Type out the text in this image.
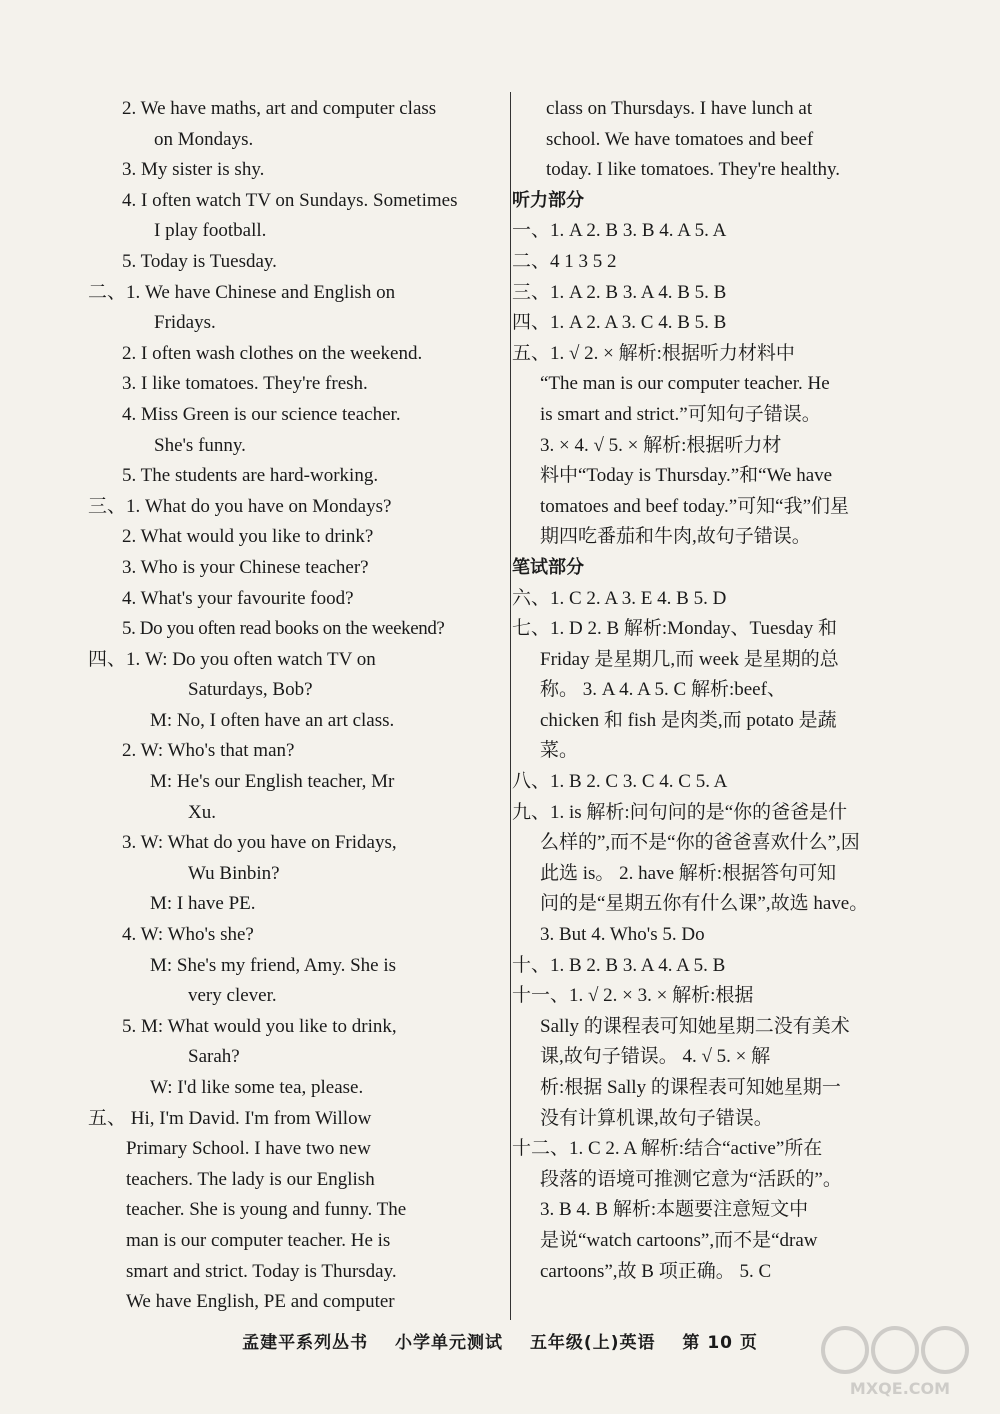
2. We have maths, art and computer class
on Mondays.
3. My sister is shy.
4. I often watch TV on Sundays. Sometimes
I play football.
5. Today is Tuesday.
二、1. We have Chinese and English on
Fridays.
2. I often wash clothes on the weekend.
3. I like tomatoes. They're fresh.
4. Miss Green is our science teacher.
She's funny.
5. The students are hard-working.
三、1. What do you have on Mondays?
2. What would you like to drink?
3. Who is your Chinese teacher?
4. What's your favourite food?
5. Do you often read books on the weekend?
四、1. W: Do you often watch TV on
Saturdays, Bob?
M: No, I often have an art class.
2. W: Who's that man?
M: He's our English teacher, Mr
Xu.
3. W: What do you have on Fridays,
Wu Binbin?
M: I have PE.
4. W: Who's she?
M: She's my friend, Amy. She is
very clever.
5. M: What would you like to drink,
Sarah?
W: I'd like some tea, please.
五、 Hi, I'm David. I'm from Willow
Primary School. I have two new
teachers. The lady is our English
teacher. She is young and funny. The
man is our computer teacher. He is
smart and strict. Today is Thursday.
We have English, PE and computer
class on Thursdays. I have lunch at
school. We have tomatoes and beef
today. I like tomatoes. They're healthy.
听力部分
一、1. A 2. B 3. B 4. A 5. A
二、4 1 3 5 2
三、1. A 2. B 3. A 4. B 5. B
四、1. A 2. A 3. C 4. B 5. B
五、1. √ 2. × 解析:根据听力材料中
“The man is our computer teacher. He
is smart and strict.”可知句子错误。
3. × 4. √ 5. × 解析:根据听力材
料中“Today is Thursday.”和“We have
tomatoes and beef today.”可知“我”们星
期四吃番茄和牛肉,故句子错误。
笔试部分
六、1. C 2. A 3. E 4. B 5. D
七、1. D 2. B 解析:Monday、Tuesday 和
Friday 是星期几,而 week 是星期的总
称。 3. A 4. A 5. C 解析:beef、
chicken 和 fish 是肉类,而 potato 是蔬
菜。
八、1. B 2. C 3. C 4. C 5. A
九、1. is 解析:问句问的是“你的爸爸是什
么样的”,而不是“你的爸爸喜欢什么”,因
此选 is。 2. have 解析:根据答句可知
问的是“星期五你有什么课”,故选 have。
3. But 4. Who's 5. Do
十、1. B 2. B 3. A 4. A 5. B
十一、1. √ 2. × 3. × 解析:根据
Sally 的课程表可知她星期二没有美术
课,故句子错误。 4. √ 5. × 解
析:根据 Sally 的课程表可知她星期一
没有计算机课,故句子错误。
十二、1. C 2. A 解析:结合“active”所在
段落的语境可推测它意为“活跃的”。
3. B 4. B 解析:本题要注意短文中
是说“watch cartoons”,而不是“draw
cartoons”,故 B 项正确。 5. C
孟建平系列丛书 小学单元测试 五年级(上)英语 第 10 页
MXQE.COM
